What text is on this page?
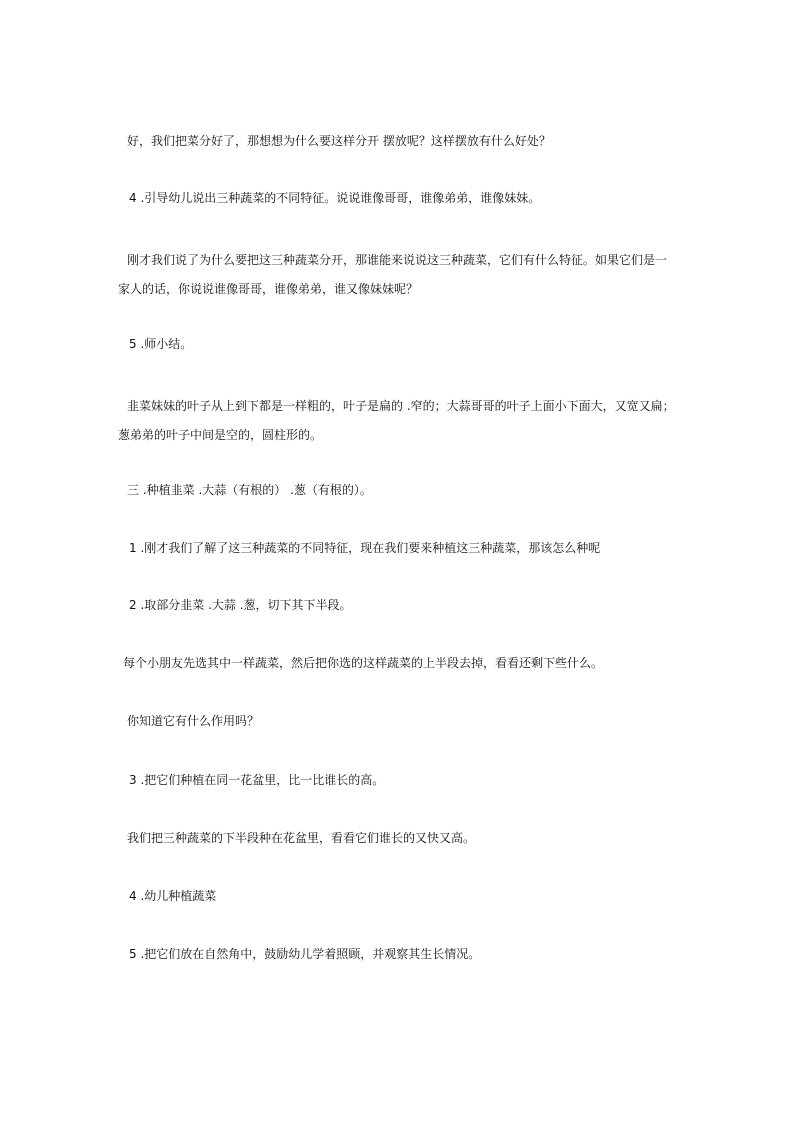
好，我们把菜分好了，那想想为什么要这样分开 摆放呢？这样摆放有什么好处？
4 .引导幼儿说出三种蔬菜的不同特征。说说谁像哥哥，谁像弟弟，谁像妹妹。
刚才我们说了为什么要把这三种蔬菜分开，那谁能来说说这三种蔬菜，它们有什么特征。如果它们是一
家人的话，你说说谁像哥哥，谁像弟弟，谁又像妹妹呢？
5 .师小结。
韭菜妹妹的叶子从上到下都是一样粗的，叶子是扁的 .窄的；大蒜哥哥的叶子上面小下面大，又宽又扁；
葱弟弟的叶子中间是空的，圆柱形的。
三 .种植韭菜 .大蒜（有根的） .葱（有根的）。
1 .刚才我们了解了这三种蔬菜的不同特征，现在我们要来种植这三种蔬菜，那该怎么种呢
2 .取部分韭菜 .大蒜 .葱，切下其下半段。
每个小朋友先选其中一样蔬菜，然后把你选的这样蔬菜的上半段去掉，看看还剩下些什么。
你知道它有什么作用吗？
3 .把它们种植在同一花盆里，比一比谁长的高。
我们把三种蔬菜的下半段种在花盆里，看看它们谁长的又快又高。
4 .幼儿种植蔬菜
5 .把它们放在自然角中，鼓励幼儿学着照顾，并观察其生长情况。
